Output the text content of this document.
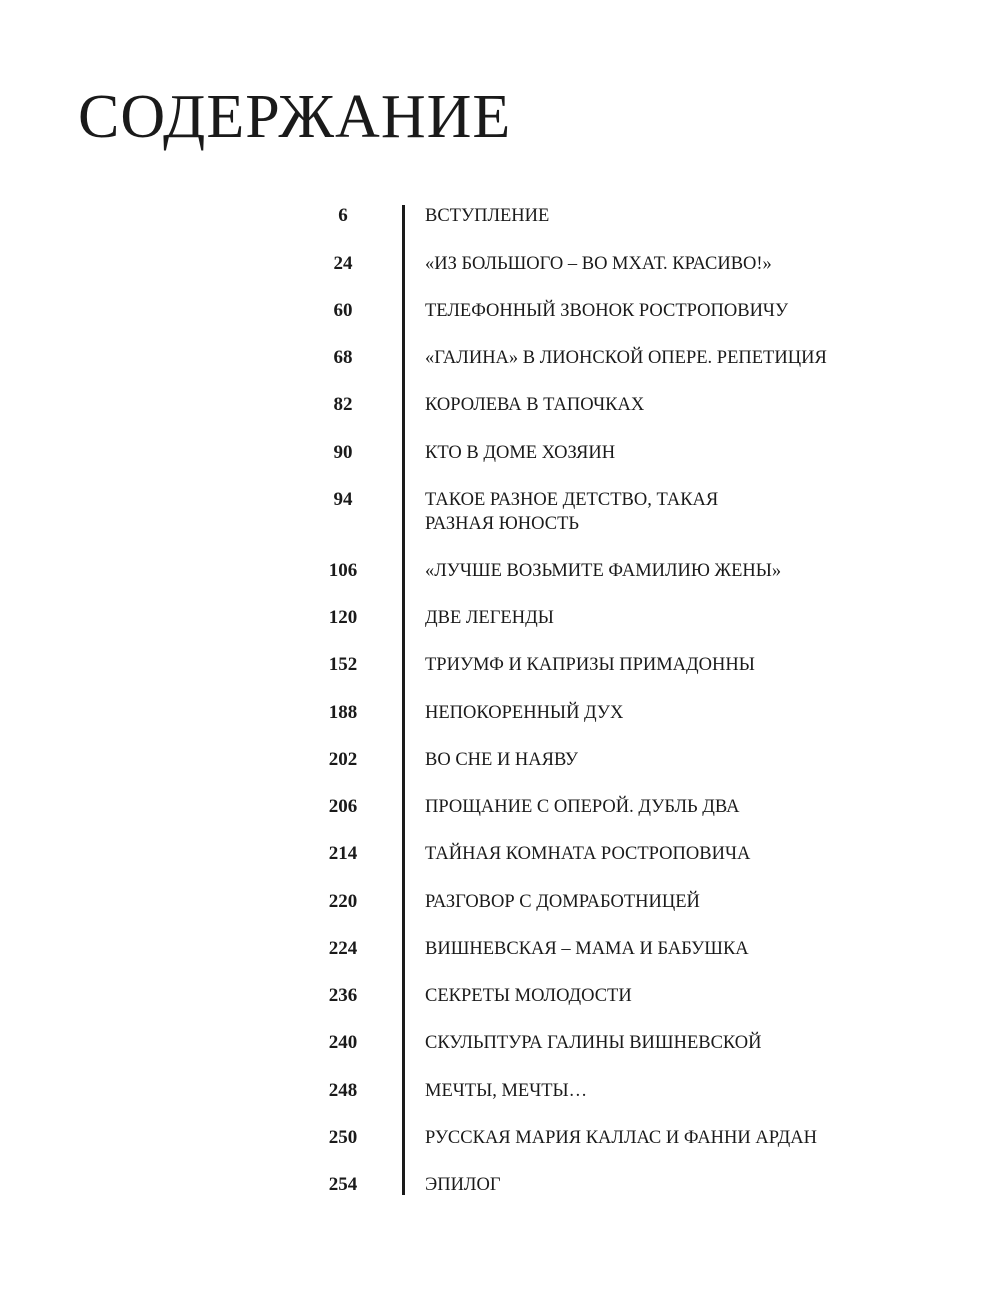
СОДЕРЖАНИЕ
6	ВСТУПЛЕНИЕ
24	«ИЗ БОЛЬШОГО – ВО МХАТ. КРАСИВО!»
60	ТЕЛЕФОННЫЙ ЗВОНОК РОСТРОПОВИЧУ
68	«ГАЛИНА» В ЛИОНСКОЙ ОПЕРЕ. РЕПЕТИЦИЯ
82	КОРОЛЕВА В ТАПОЧКАХ
90	КТО В ДОМЕ ХОЗЯИН
94	ТАКОЕ РАЗНОЕ ДЕТСТВО, ТАКАЯ
РАЗНАЯ ЮНОСТЬ
106	«ЛУЧШЕ ВОЗЬМИТЕ ФАМИЛИЮ ЖЕНЫ»
120	ДВЕ ЛЕГЕНДЫ
152	ТРИУМФ И КАПРИЗЫ ПРИМАДОННЫ
188	НЕПОКОРЕННЫЙ ДУХ
202	ВО СНЕ И НАЯВУ
206	ПРОЩАНИЕ С ОПЕРОЙ. ДУБЛЬ ДВА
214	ТАЙНАЯ КОМНАТА РОСТРОПОВИЧА
220	РАЗГОВОР С ДОМРАБОТНИЦЕЙ
224	ВИШНЕВСКАЯ – МАМА И БАБУШКА
236	СЕКРЕТЫ МОЛОДОСТИ
240	СКУЛЬПТУРА ГАЛИНЫ ВИШНЕВСКОЙ
248	МЕЧТЫ, МЕЧТЫ…
250	РУССКАЯ МАРИЯ КАЛЛАС И ФАННИ АРДАН
254	ЭПИЛОГ
